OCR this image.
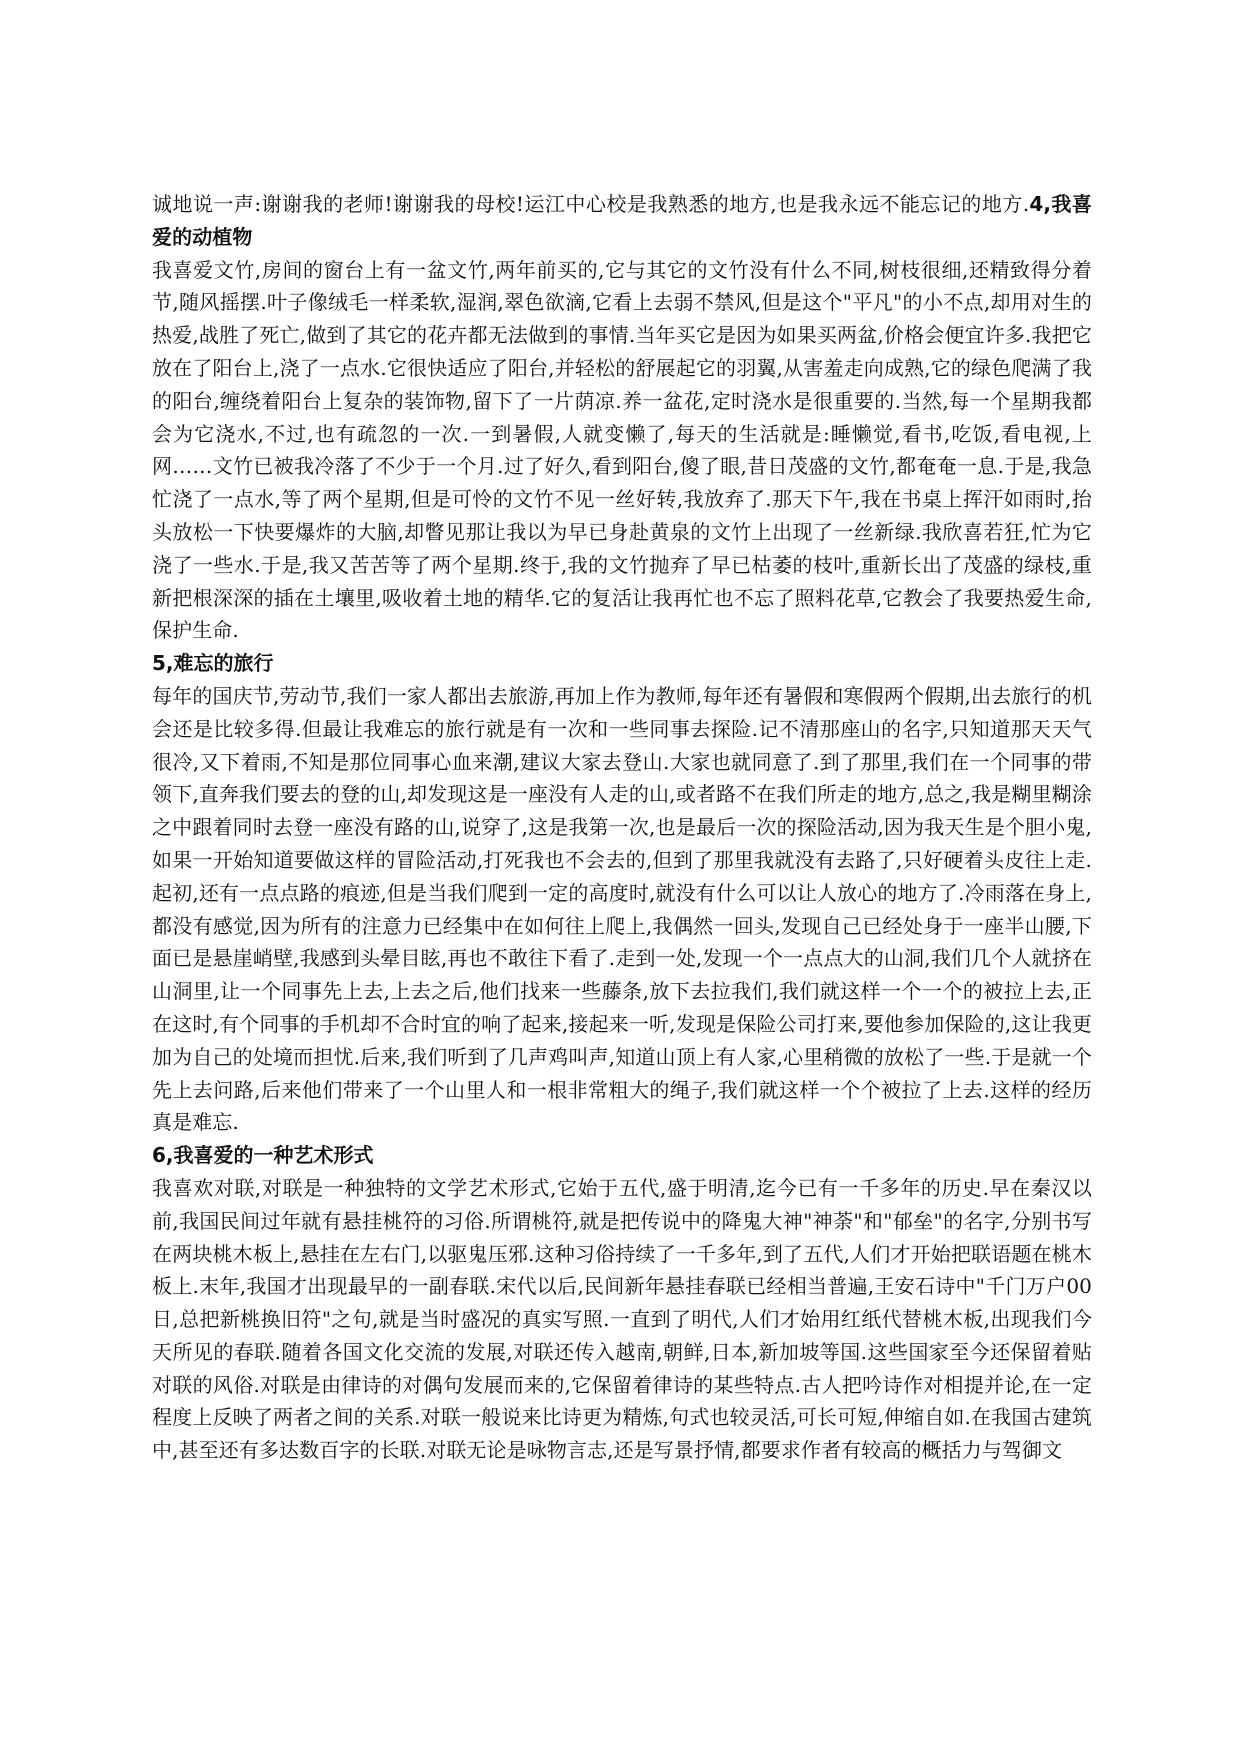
诚地说一声:谢谢我的老师!谢谢我的母校!运江中心校是我熟悉的地方,也是我永远不能忘记的地方.4,我喜爱的动植物

我喜爱文竹,房间的窗台上有一盆文竹,两年前买的,它与其它的文竹没有什么不同,树枝很细,还精致得分着节,随风摇摆.叶子像绒毛一样柔软,湿润,翠色欲滴,它看上去弱不禁风,但是这个"平凡"的小不点,却用对生的热爱,战胜了死亡,做到了其它的花卉都无法做到的事情.当年买它是因为如果买两盆,价格会便宜许多.我把它放在了阳台上,浇了一点水.它很快适应了阳台,并轻松的舒展起它的羽翼,从害羞走向成熟,它的绿色爬满了我的阳台,缠绕着阳台上复杂的装饰物,留下了一片荫凉.养一盆花,定时浇水是很重要的.当然,每一个星期我都会为它浇水,不过,也有疏忽的一次.一到暑假,人就变懒了,每天的生活就是:睡懒觉,看书,吃饭,看电视,上网……文竹已被我冷落了不少于一个月.过了好久,看到阳台,傻了眼,昔日茂盛的文竹,都奄奄一息.于是,我急忙浇了一点水,等了两个星期,但是可怜的文竹不见一丝好转,我放弃了.那天下午,我在书桌上挥汗如雨时,抬头放松一下快要爆炸的大脑,却瞥见那让我以为早已身赴黄泉的文竹上出现了一丝新绿.我欣喜若狂,忙为它浇了一些水.于是,我又苦苦等了两个星期.终于,我的文竹抛弃了早已枯萎的枝叶,重新长出了茂盛的绿枝,重新把根深深的插在土壤里,吸收着土地的精华.它的复活让我再忙也不忘了照料花草,它教会了我要热爱生命,保护生命.

5,难忘的旅行

每年的国庆节,劳动节,我们一家人都出去旅游,再加上作为教师,每年还有暑假和寒假两个假期,出去旅行的机会还是比较多得.但最让我难忘的旅行就是有一次和一些同事去探险.记不清那座山的名字,只知道那天天气很冷,又下着雨,不知是那位同事心血来潮,建议大家去登山.大家也就同意了.到了那里,我们在一个同事的带领下,直奔我们要去的登的山,却发现这是一座没有人走的山,或者路不在我们所走的地方,总之,我是糊里糊涂之中跟着同时去登一座没有路的山,说穿了,这是我第一次,也是最后一次的探险活动,因为我天生是个胆小鬼,如果一开始知道要做这样的冒险活动,打死我也不会去的,但到了那里我就没有去路了,只好硬着头皮往上走.起初,还有一点点路的痕迹,但是当我们爬到一定的高度时,就没有什么可以让人放心的地方了.冷雨落在身上,都没有感觉,因为所有的注意力已经集中在如何往上爬上,我偶然一回头,发现自己已经处身于一座半山腰,下面已是悬崖峭壁,我感到头晕目眩,再也不敢往下看了.走到一处,发现一个一点点大的山洞,我们几个人就挤在山洞里,让一个同事先上去,上去之后,他们找来一些藤条,放下去拉我们,我们就这样一个一个的被拉上去,正在这时,有个同事的手机却不合时宜的响了起来,接起来一听,发现是保险公司打来,要他参加保险的,这让我更加为自己的处境而担忧.后来,我们听到了几声鸡叫声,知道山顶上有人家,心里稍微的放松了一些.于是就一个先上去问路,后来他们带来了一个山里人和一根非常粗大的绳子,我们就这样一个个被拉了上去.这样的经历真是难忘.

6,我喜爱的一种艺术形式

我喜欢对联,对联是一种独特的文学艺术形式,它始于五代,盛于明清,迄今已有一千多年的历史.早在秦汉以前,我国民间过年就有悬挂桃符的习俗.所谓桃符,就是把传说中的降鬼大神"神荼"和"郁垒"的名字,分别书写在两块桃木板上,悬挂在左右门,以驱鬼压邪.这种习俗持续了一千多年,到了五代,人们才开始把联语题在桃木板上.末年,我国才出现最早的一副春联.宋代以后,民间新年悬挂春联已经相当普遍,王安石诗中"千门万户00日,总把新桃换旧符"之句,就是当时盛况的真实写照.一直到了明代,人们才始用红纸代替桃木板,出现我们今天所见的春联.随着各国文化交流的发展,对联还传入越南,朝鲜,日本,新加坡等国.这些国家至今还保留着贴对联的风俗.对联是由律诗的对偶句发展而来的,它保留着律诗的某些特点.古人把吟诗作对相提并论,在一定程度上反映了两者之间的关系.对联一般说来比诗更为精炼,句式也较灵活,可长可短,伸缩自如.在我国古建筑中,甚至还有多达数百字的长联.对联无论是咏物言志,还是写景抒情,都要求作者有较高的概括力与驾御文
